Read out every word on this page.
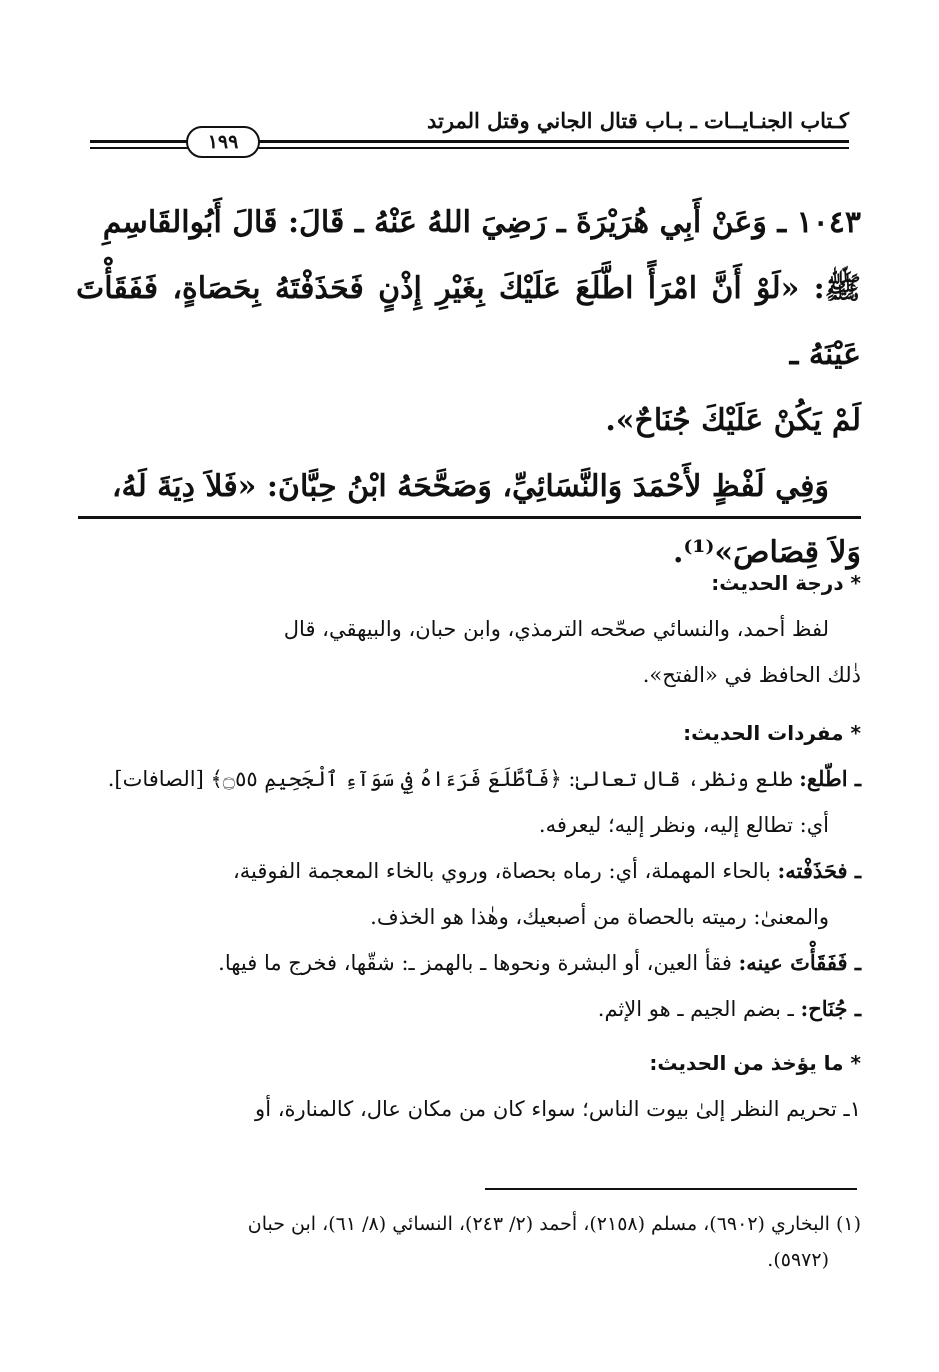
كـتاب الجنـايــات ـ بـاب قتال الجاني وقتل المرتد
١٩٩

١٠٤٣ ـ وَعَنْ أَبِي هُرَيْرَةَ ـ رَضِيَ اللهُ عَنْهُ ـ قَالَ: قَالَ أَبُوالقَاسِمِ

ﷺ: «لَوْ أَنَّ امْرَأً اطَّلَعَ عَلَيْكَ بِغَيْرِ إِذْنٍ فَحَذَفْتَهُ بِحَصَاةٍ، فَفَقَأْتَ عَيْنَهُ ـ

لَمْ يَكُنْ عَلَيْكَ جُنَاحٌ».

وَفِي لَفْظٍ لأَحْمَدَ وَالنَّسَائِيِّ، وَصَحَّحَهُ ابْنُ حِبَّانَ: «فَلاَ دِيَةَ لَهُ،

وَلاَ قِصَاصَ»⁽¹⁾.

* درجة الحديث:

لفظ أحمد، والنسائي صحّحه الترمذي، وابن حبان، والبيهقي، قال

ذٰلك الحافظ في «الفتح».

* مفردات الحديث:

ـ اطّلع: طلع ونظر، قال تعالىٰ: ﴿فَٱطَّلَعَ فَرَءَاهُ فِي سَوَآءِ ٱلْجَحِيمِ ۝٥٥﴾ [الصافات].

أي: تطالع إليه، ونظر إليه؛ ليعرفه.

ـ فحَذَفْته: بالحاء المهملة، أي: رماه بحصاة، وروي بالخاء المعجمة الفوقية،

والمعنىٰ: رميته بالحصاة من أصبعيك، وهٰذا هو الخذف.

ـ فَفَقَأْتَ عينه: فقأ العين، أو البشرة ونحوها ـ بالهمز ـ: شقّها، فخرج ما فيها.

ـ جُنَاح: ـ بضم الجيم ـ هو الإثم.

* ما يؤخذ من الحديث:

١ـ تحريم النظر إلىٰ بيوت الناس؛ سواء كان من مكان عال، كالمنارة، أو

(١) البخاري (٦٩٠٢)، مسلم (٢١٥٨)، أحمد (٢/ ٢٤٣)، النسائي (٨/ ٦١)، ابن حبان

(٥٩٧٢).
